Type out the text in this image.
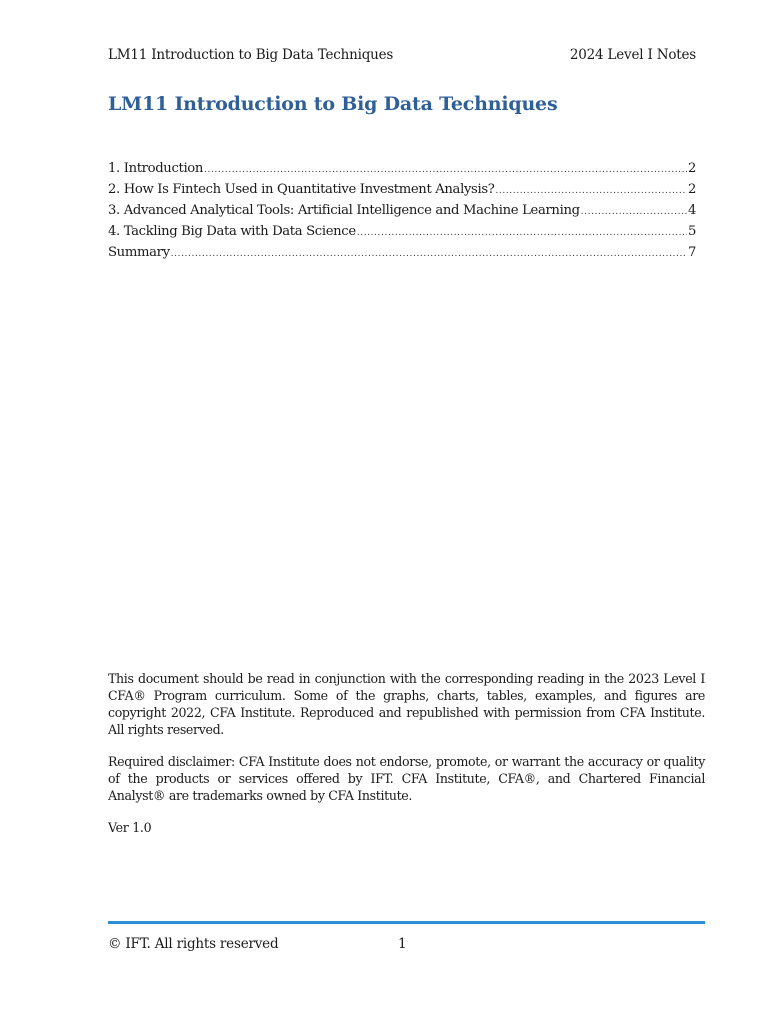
LM11 Introduction to Big Data Techniques	2024 Level I Notes
LM11 Introduction to Big Data Techniques
1. Introduction .....	2
2. How Is Fintech Used in Quantitative Investment Analysis? .....	2
3. Advanced Analytical Tools: Artificial Intelligence and Machine Learning .....	4
4. Tackling Big Data with Data Science .....	5
Summary .....	7

This document should be read in conjunction with the corresponding reading in the 2023 Level I CFA® Program curriculum. Some of the graphs, charts, tables, examples, and figures are copyright 2022, CFA Institute. Reproduced and republished with permission from CFA Institute. All rights reserved.

Required disclaimer: CFA Institute does not endorse, promote, or warrant the accuracy or quality of the products or services offered by IFT. CFA Institute, CFA®, and Chartered Financial Analyst® are trademarks owned by CFA Institute.

Ver 1.0

© IFT. All rights reserved	1
